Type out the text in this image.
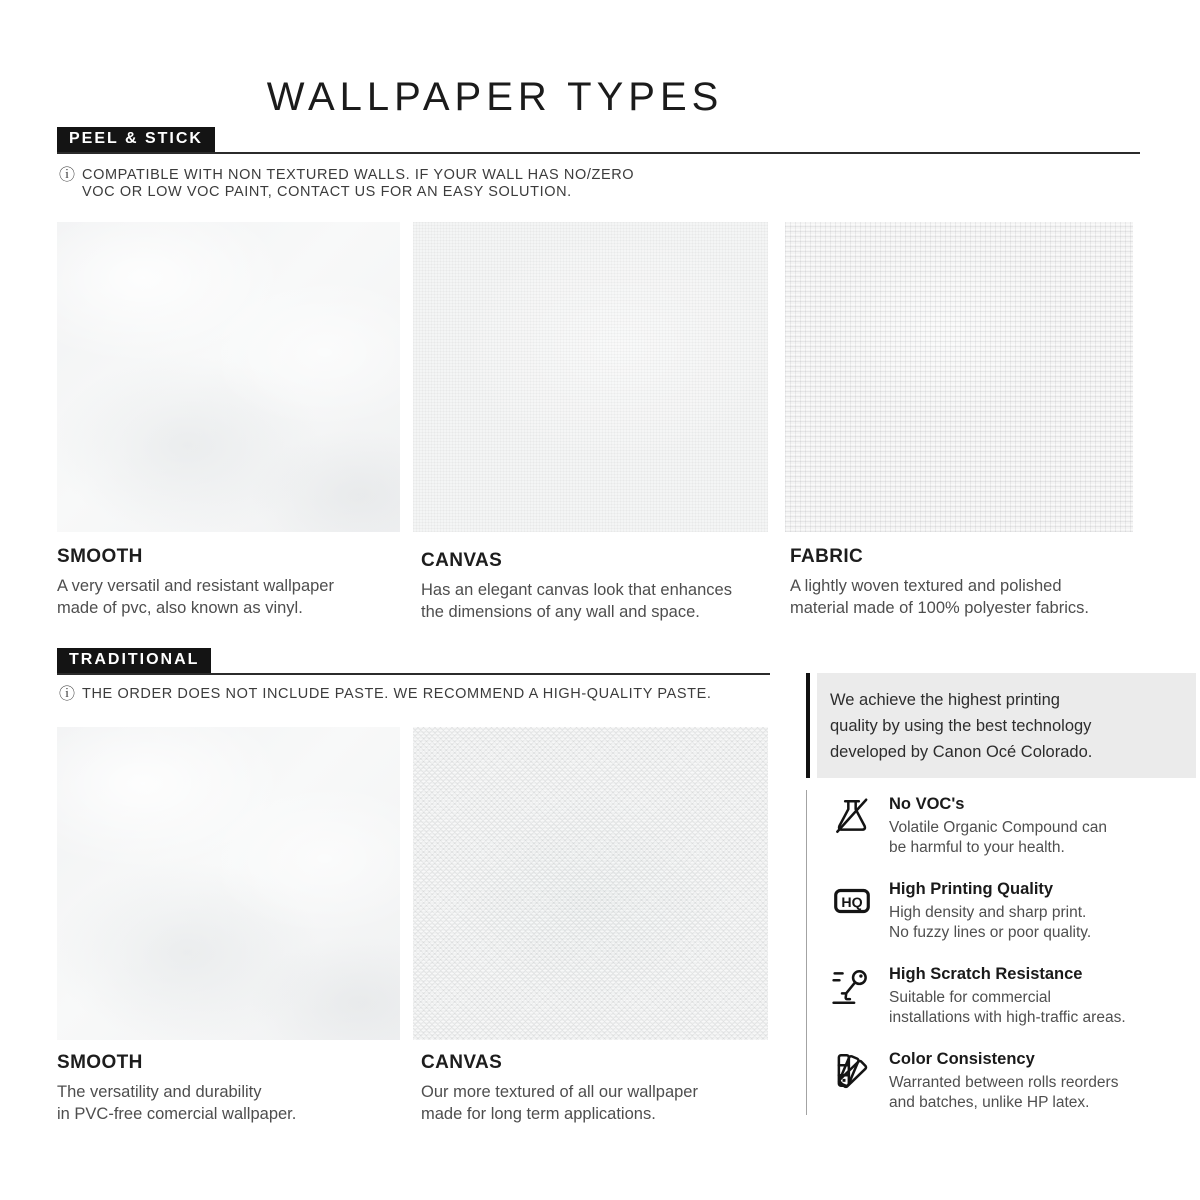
WALLPAPER TYPES
PEEL & STICK
ⓘ COMPATIBLE WITH NON TEXTURED WALLS. IF YOUR WALL HAS NO/ZERO
VOC OR LOW VOC PAINT, CONTACT US FOR AN EASY SOLUTION.
SMOOTH
A very versatil and resistant wallpaper
made of pvc, also known as vinyl.
CANVAS
Has an elegant canvas look that enhances
the dimensions of any wall and space.
FABRIC
A lightly woven textured and polished
material made of 100% polyester fabrics.
TRADITIONAL
ⓘ THE ORDER DOES NOT INCLUDE PASTE. WE RECOMMEND A HIGH-QUALITY PASTE.
SMOOTH
The versatility and durability
in PVC-free comercial wallpaper.
CANVAS
Our more textured of all our wallpaper
made for long term applications.
We achieve the highest printing
quality by using the best technology
developed by Canon Océ Colorado.
No VOC's
Volatile Organic Compound can
be harmful to your health.
HQ
High Printing Quality
High density and sharp print.
No fuzzy lines or poor quality.
High Scratch Resistance
Suitable for commercial
installations with high-traffic areas.
Color Consistency
Warranted between rolls reorders
and batches, unlike HP latex.
